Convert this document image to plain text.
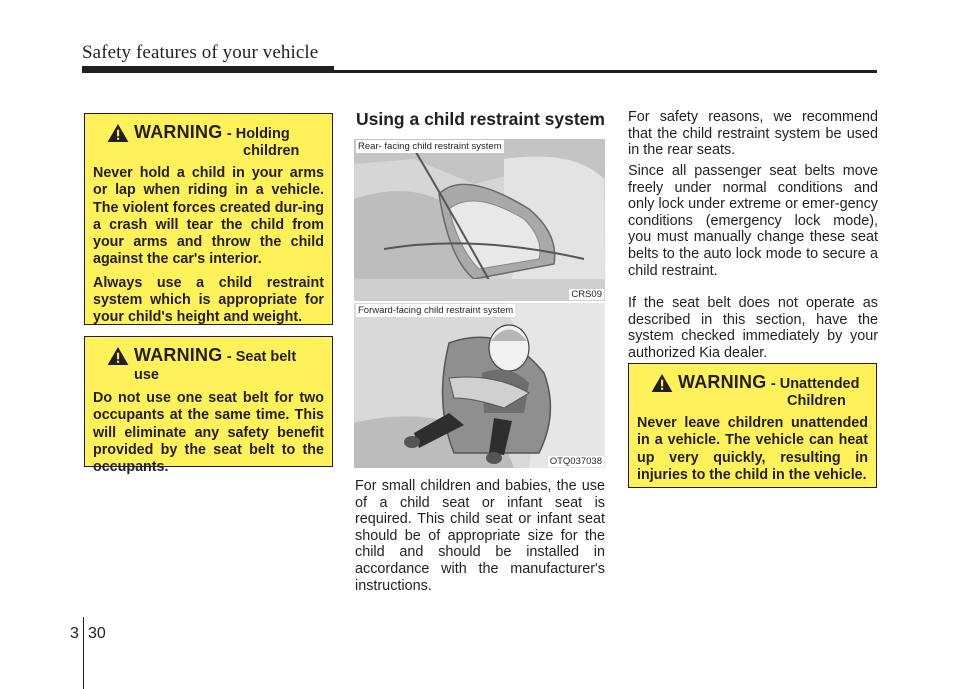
Safety features of your vehicle
WARNING - Holding
children

Never hold a child in your arms or lap when riding in a vehicle. The violent forces created dur-ing a crash will tear the child from your arms and throw the child against the car's interior.

Always use a child restraint system which is appropriate for your child's height and weight.

WARNING - Seat belt use

Do not use one seat belt for two occupants at the same time. This will eliminate any safety benefit provided by the seat belt to the occupants.

Using a child restraint system
Rear- facing child restraint system
CRS09
Forward-facing child restraint system
OTQ037038

For small children and babies, the use of a child seat or infant seat is required. This child seat or infant seat should be of appropriate size for the child and should be installed in accordance with the manufacturer's instructions.

For safety reasons, we recommend that the child restraint system be used in the rear seats.

Since all passenger seat belts move freely under normal conditions and only lock under extreme or emer-gency conditions (emergency lock mode), you must manually change these seat belts to the auto lock mode to secure a child restraint.

If the seat belt does not operate as described in this section, have the system checked immediately by your authorized Kia dealer.

WARNING - Unattended
Children

Never leave children unattended in a vehicle. The vehicle can heat up very quickly, resulting in injuries to the child in the vehicle.

3 30
